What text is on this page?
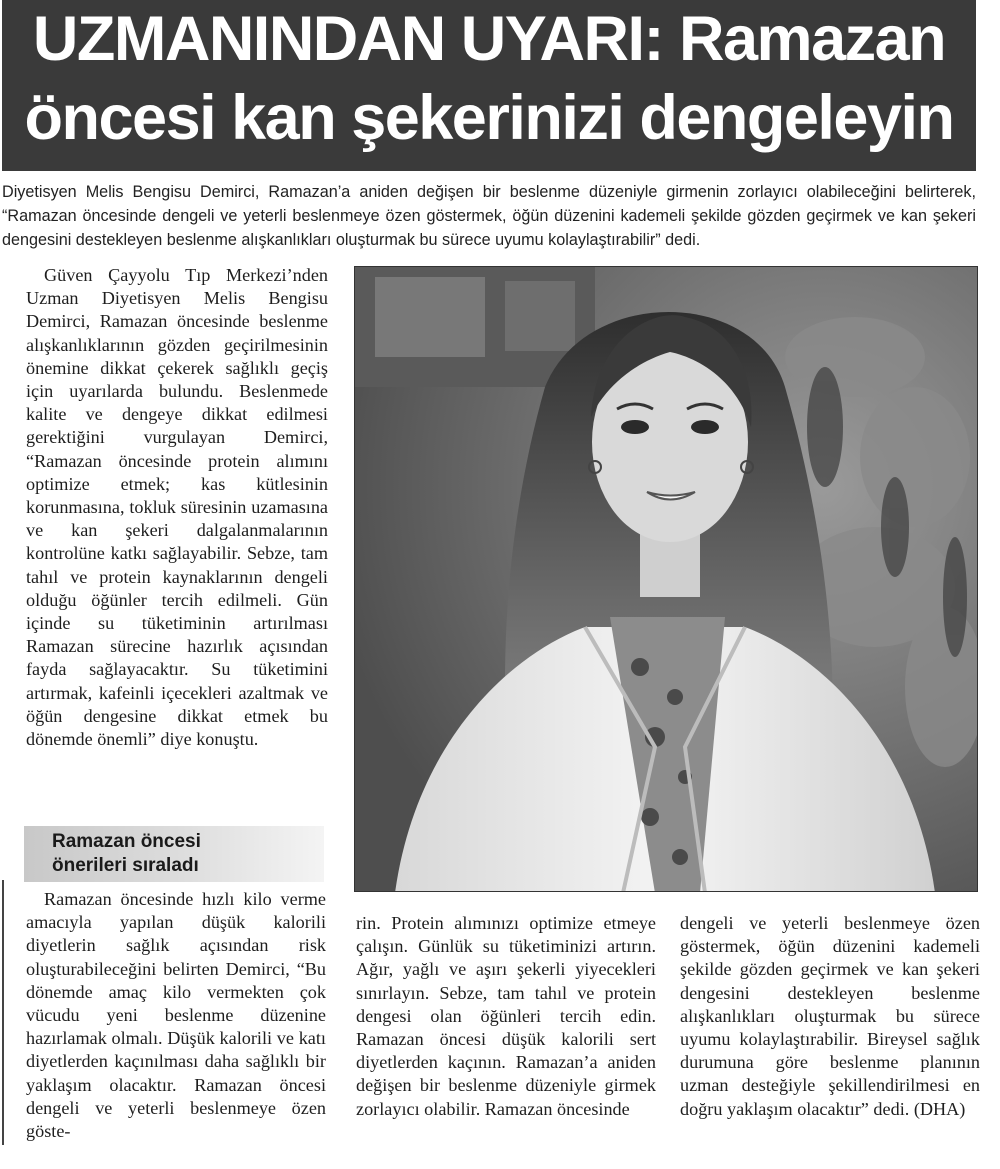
UZMANINDAN UYARI: Ramazan
öncesi kan şekerinizi dengeleyin
Diyetisyen Melis Bengisu Demirci, Ramazan’a aniden değişen bir beslenme düzeniyle girmenin zorlayıcı olabileceğini belirterek, “Ramazan öncesinde dengeli ve yeterli beslenmeye özen göstermek, öğün düzenini kademeli şekilde gözden geçirmek ve kan şekeri dengesini destekleyen beslenme alışkanlıkları oluşturmak bu sürece uyumu kolaylaştırabilir” dedi.

Güven Çayyolu Tıp Merkezi’nden Uzman Diyetisyen Melis Bengisu Demirci, Ramazan öncesinde beslenme alışkanlıklarının gözden geçirilmesinin önemine dikkat çekerek sağlıklı geçiş için uyarılarda bulundu. Beslenmede kalite ve dengeye dikkat edilmesi gerektiğini vurgulayan Demirci, “Ramazan öncesinde protein alımını optimize etmek; kas kütlesinin korunmasına, tokluk süresinin uzamasına ve kan şekeri dalgalanmalarının kontrolüne katkı sağlayabilir. Sebze, tam tahıl ve protein kaynaklarının dengeli olduğu öğünler tercih edilmeli. Gün içinde su tüketiminin artırılması Ramazan sürecine hazırlık açısından fayda sağlayacaktır. Su tüketimini artırmak, kafeinli içecekleri azaltmak ve öğün dengesine dikkat etmek bu dönemde önemli” diye konuştu.

Ramazan öncesi
önerileri sıraladı

Ramazan öncesinde hızlı kilo verme amacıyla yapılan düşük kalorili diyetlerin sağlık açısından risk oluşturabileceğini belirten Demirci, “Bu dönemde amaç kilo vermekten çok vücudu yeni beslenme düzenine hazırlamak olmalı. Düşük kalorili ve katı diyetlerden kaçınılması daha sağlıklı bir yaklaşım olacaktır. Ramazan öncesi dengeli ve yeterli beslenmeye özen göste-

rin. Protein alımınızı optimize etmeye çalışın. Günlük su tüketiminizi artırın. Ağır, yağlı ve aşırı şekerli yiyecekleri sınırlayın. Sebze, tam tahıl ve protein dengesi olan öğünleri tercih edin. Ramazan öncesi düşük kalorili sert diyetlerden kaçının. Ramazan’a aniden değişen bir beslenme düzeniyle girmek zorlayıcı olabilir. Ramazan öncesinde

dengeli ve yeterli beslenmeye özen göstermek, öğün düzenini kademeli şekilde gözden geçirmek ve kan şekeri dengesini destekleyen beslenme alışkanlıkları oluşturmak bu sürece uyumu kolaylaştırabilir. Bireysel sağlık durumuna göre beslenme planının uzman desteğiyle şekillendirilmesi en doğru yaklaşım olacaktır” dedi. (DHA)
